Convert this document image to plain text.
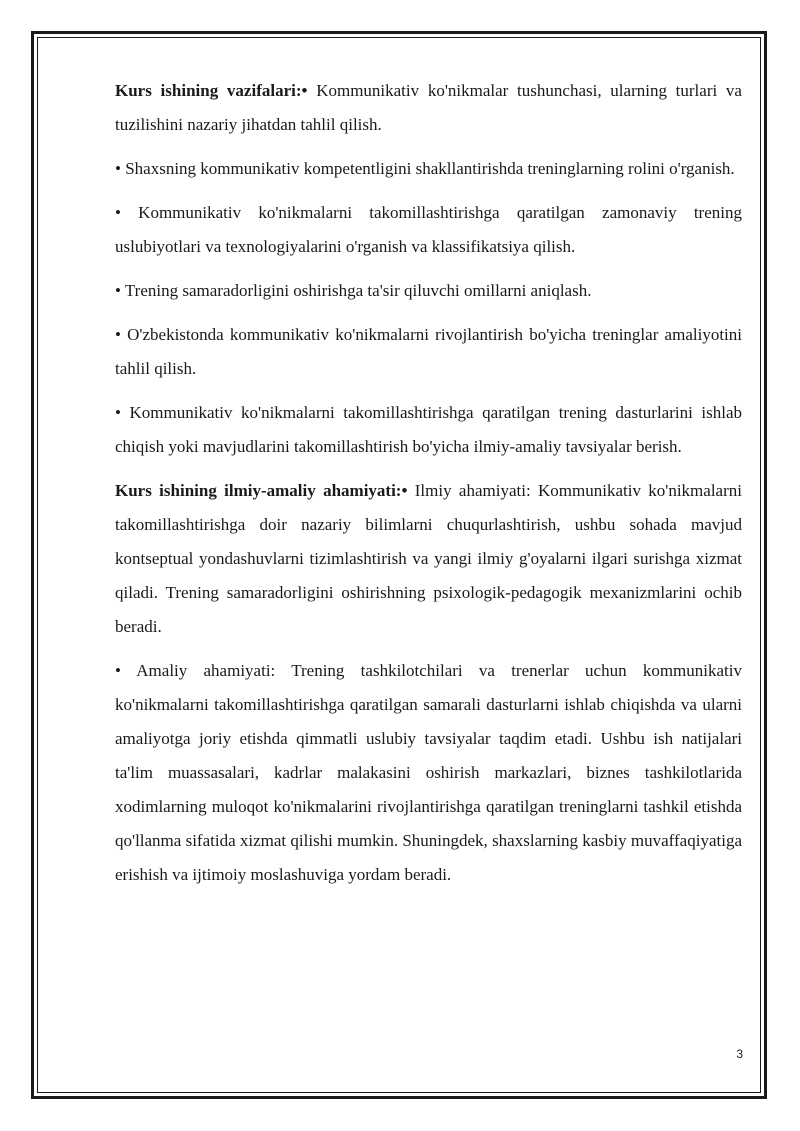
Kurs ishining vazifalari:• Kommunikativ ko'nikmalar tushunchasi, ularning turlari va tuzilishini nazariy jihatdan tahlil qilish.

• Shaxsning kommunikativ kompetentligini shakllantirishda treninglarning rolini o'rganish.

• Kommunikativ ko'nikmalarni takomillashtirishga qaratilgan zamonaviy trening uslubiyotlari va texnologiyalarini o'rganish va klassifikatsiya qilish.

• Trening samaradorligini oshirishga ta'sir qiluvchi omillarni aniqlash.

• O'zbekistonda kommunikativ ko'nikmalarni rivojlantirish bo'yicha treninglar amaliyotini tahlil qilish.

• Kommunikativ ko'nikmalarni takomillashtirishga qaratilgan trening dasturlarini ishlab chiqish yoki mavjudlarini takomillashtirish bo'yicha ilmiy-amaliy tavsiyalar berish.

Kurs ishining ilmiy-amaliy ahamiyati:• Ilmiy ahamiyati: Kommunikativ ko'nikmalarni takomillashtirishga doir nazariy bilimlarni chuqurlashtirish, ushbu sohada mavjud kontseptual yondashuvlarni tizimlashtirish va yangi ilmiy g'oyalarni ilgari surishga xizmat qiladi. Trening samaradorligini oshirishning psixologik-pedagogik mexanizmlarini ochib beradi.

• Amaliy ahamiyati: Trening tashkilotchilari va trenerlar uchun kommunikativ ko'nikmalarni takomillashtirishga qaratilgan samarali dasturlarni ishlab chiqishda va ularni amaliyotga joriy etishda qimmatli uslubiy tavsiyalar taqdim etadi. Ushbu ish natijalari ta'lim muassasalari, kadrlar malakasini oshirish markazlari, biznes tashkilotlarida xodimlarning muloqot ko'nikmalarini rivojlantirishga qaratilgan treninglarni tashkil etishda qo'llanma sifatida xizmat qilishi mumkin. Shuningdek, shaxslarning kasbiy muvaffaqiyatiga erishish va ijtimoiy moslashuviga yordam beradi.

3
